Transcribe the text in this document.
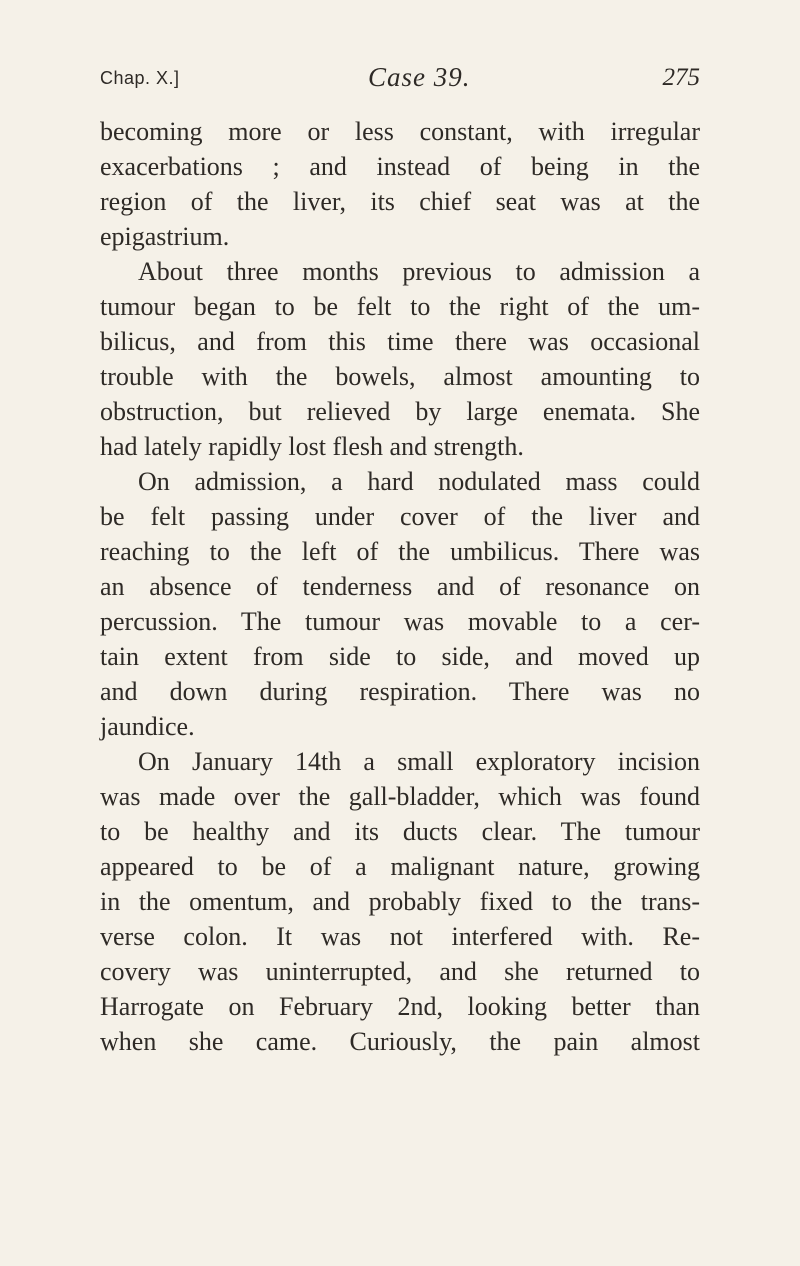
Chap. X.]	Case 39.	275
becoming more or less constant, with irregular
exacerbations ; and instead of being in the
region of the liver, its chief seat was at the
epigastrium.
About three months previous to admission a
tumour began to be felt to the right of the um-
bilicus, and from this time there was occasional
trouble with the bowels, almost amounting to
obstruction, but relieved by large enemata. She
had lately rapidly lost flesh and strength.
On admission, a hard nodulated mass could
be felt passing under cover of the liver and
reaching to the left of the umbilicus. There was
an absence of tenderness and of resonance on
percussion. The tumour was movable to a cer-
tain extent from side to side, and moved up
and down during respiration. There was no
jaundice.
On January 14th a small exploratory incision
was made over the gall-bladder, which was found
to be healthy and its ducts clear. The tumour
appeared to be of a malignant nature, growing
in the omentum, and probably fixed to the trans-
verse colon. It was not interfered with. Re-
covery was uninterrupted, and she returned to
Harrogate on February 2nd, looking better than
when she came. Curiously, the pain almost
